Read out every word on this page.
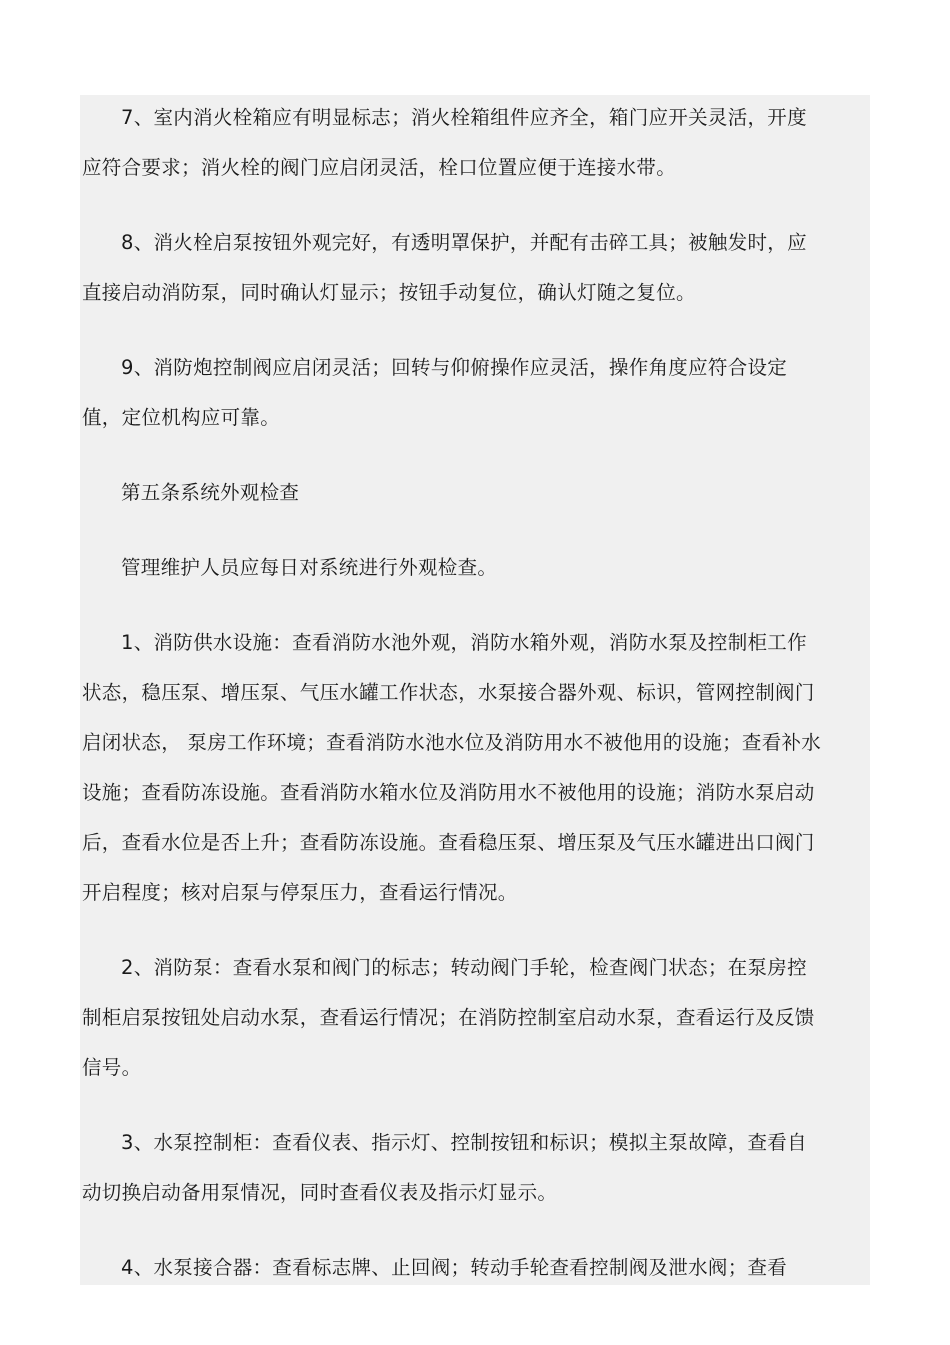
7、室内消火栓箱应有明显标志；消火栓箱组件应齐全，箱门应开关灵活，开度应符合要求；消火栓的阀门应启闭灵活，栓口位置应便于连接水带。

8、消火栓启泵按钮外观完好，有透明罩保护，并配有击碎工具；被触发时，应直接启动消防泵，同时确认灯显示；按钮手动复位，确认灯随之复位。

9、消防炮控制阀应启闭灵活；回转与仰俯操作应灵活，操作角度应符合设定值，定位机构应可靠。

第五条系统外观检查

管理维护人员应每日对系统进行外观检查。

1、消防供水设施：查看消防水池外观，消防水箱外观，消防水泵及控制柜工作状态，稳压泵、增压泵、气压水罐工作状态，水泵接合器外观、标识，管网控制阀门启闭状态， 泵房工作环境；查看消防水池水位及消防用水不被他用的设施；查看补水设施；查看防冻设施。查看消防水箱水位及消防用水不被他用的设施；消防水泵启动后，查看水位是否上升；查看防冻设施。查看稳压泵、增压泵及气压水罐进出口阀门开启程度；核对启泵与停泵压力，查看运行情况。

2、消防泵：查看水泵和阀门的标志；转动阀门手轮，检查阀门状态；在泵房控制柜启泵按钮处启动水泵，查看运行情况；在消防控制室启动水泵，查看运行及反馈信号。

3、水泵控制柜：查看仪表、指示灯、控制按钮和标识；模拟主泵故障，查看自动切换启动备用泵情况，同时查看仪表及指示灯显示。

4、水泵接合器：查看标志牌、止回阀；转动手轮查看控制阀及泄水阀；查看
